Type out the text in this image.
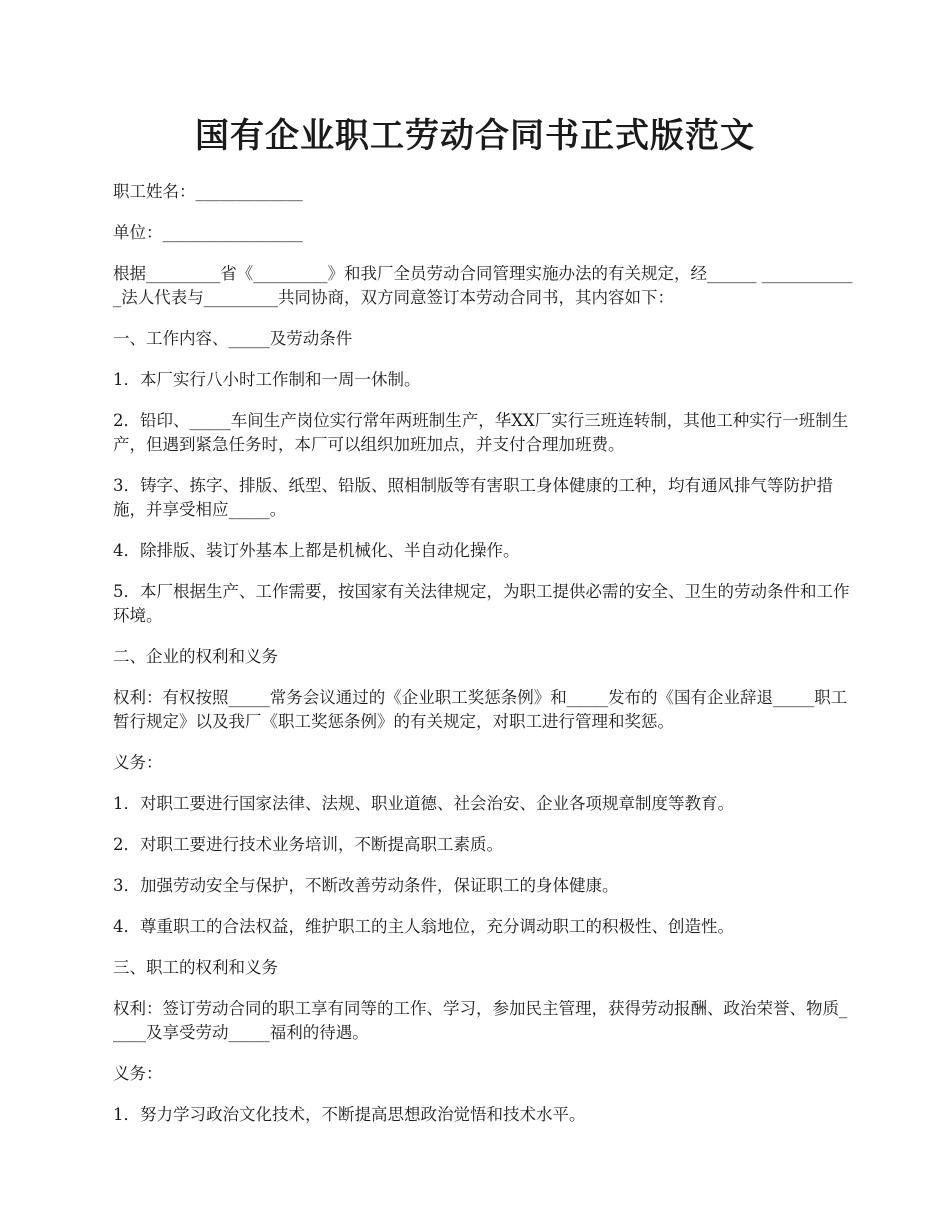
国有企业职工劳动合同书正式版范文

职工姓名：_____________

单位：_________________

根据_________省《_________》和我厂全员劳动合同管理实施办法的有关规定，经______ ____________法人代表与_________共同协商，双方同意签订本劳动合同书，其内容如下：

一、工作内容、_____及劳动条件

1．本厂实行八小时工作制和一周一休制。

2．铅印、_____车间生产岗位实行常年两班制生产，华XX厂实行三班连转制，其他工种实行一班制生产，但遇到紧急任务时，本厂可以组织加班加点，并支付合理加班费。

3．铸字、拣字、排版、纸型、铅版、照相制版等有害职工身体健康的工种，均有通风排气等防护措施，并享受相应_____。

4．除排版、装订外基本上都是机械化、半自动化操作。

5．本厂根据生产、工作需要，按国家有关法律规定，为职工提供必需的安全、卫生的劳动条件和工作环境。

二、企业的权利和义务

权利：有权按照_____常务会议通过的《企业职工奖惩条例》和_____发布的《国有企业辞退_____职工暂行规定》以及我厂《职工奖惩条例》的有关规定，对职工进行管理和奖惩。

义务：

1．对职工要进行国家法律、法规、职业道德、社会治安、企业各项规章制度等教育。

2．对职工要进行技术业务培训，不断提高职工素质。

3．加强劳动安全与保护，不断改善劳动条件，保证职工的身体健康。

4．尊重职工的合法权益，维护职工的主人翁地位，充分调动职工的积极性、创造性。

三、职工的权利和义务

权利：签订劳动合同的职工享有同等的工作、学习，参加民主管理，获得劳动报酬、政治荣誉、物质_____及享受劳动_____福利的待遇。

义务：

1．努力学习政治文化技术，不断提高思想政治觉悟和技术水平。
